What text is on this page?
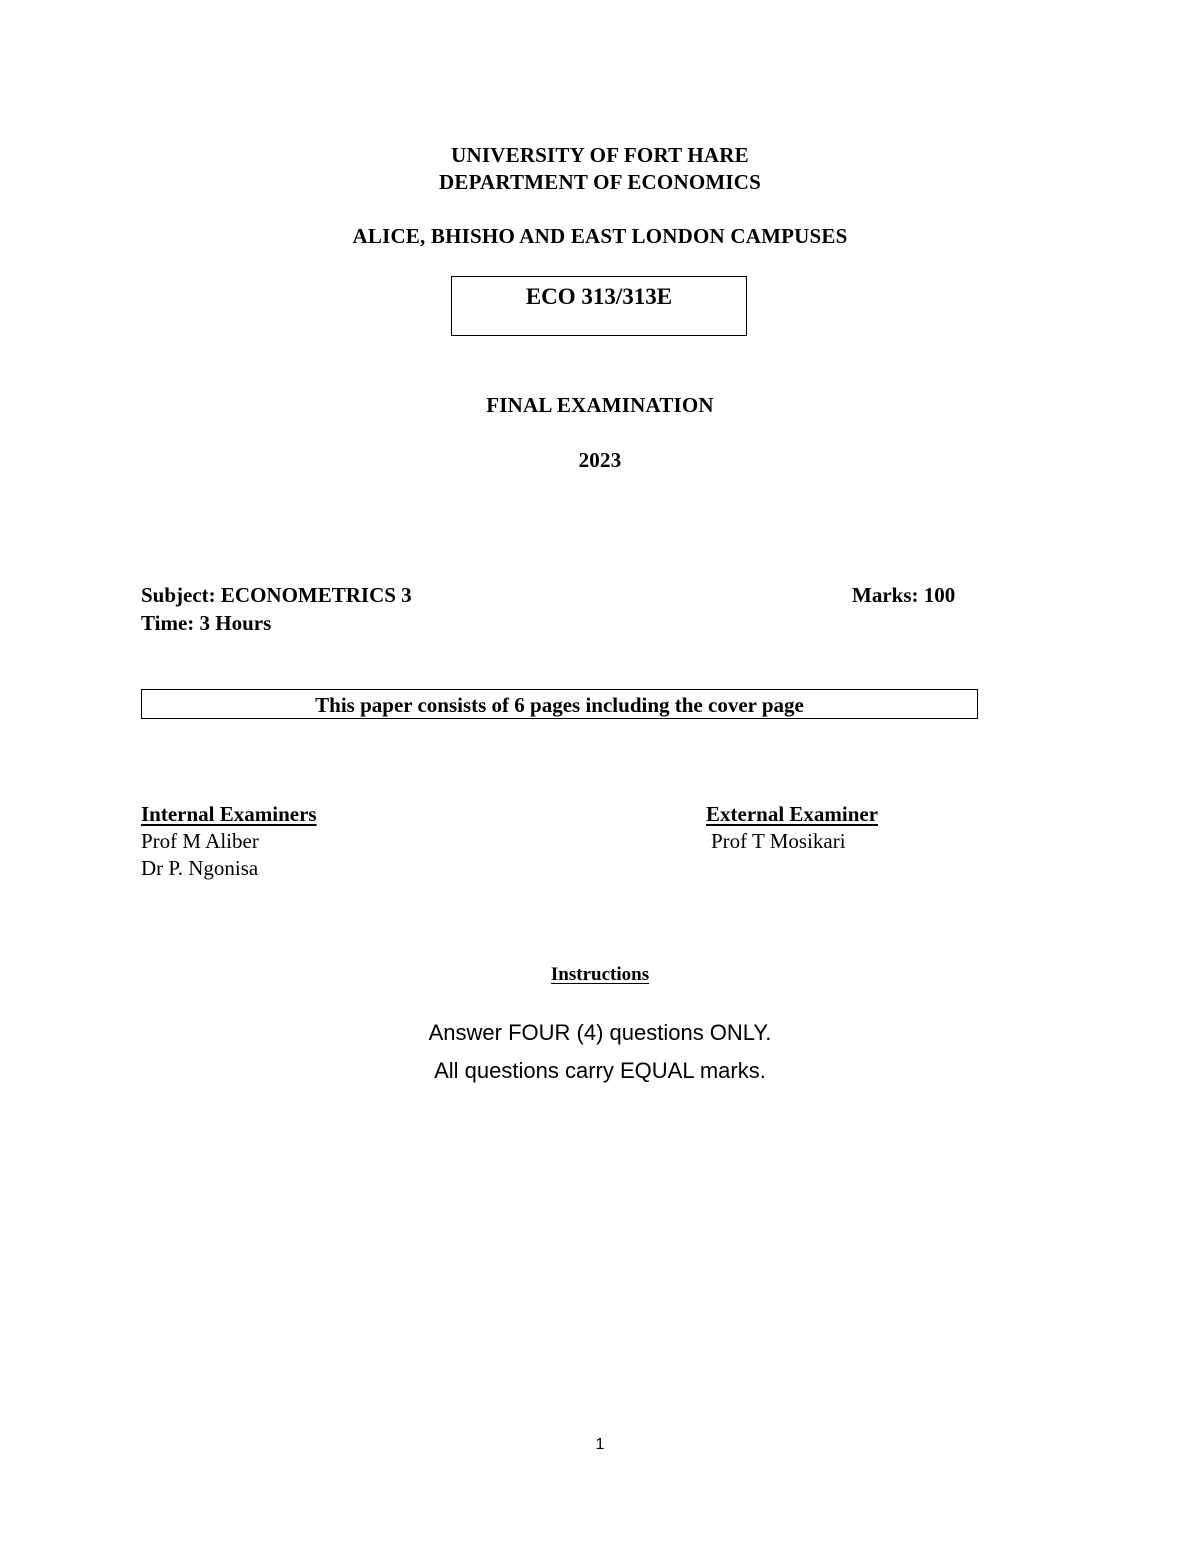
UNIVERSITY OF FORT HARE
DEPARTMENT OF ECONOMICS
ALICE, BHISHO AND EAST LONDON CAMPUSES
ECO 313/313E
FINAL EXAMINATION
2023
Subject: ECONOMETRICS 3	Marks: 100
Time: 3 Hours
This paper consists of 6 pages including the cover page
Internal Examiners
Prof M Aliber
Dr P. Ngonisa
External Examiner
Prof T Mosikari
Instructions
Answer FOUR (4) questions ONLY.
All questions carry EQUAL marks.
1
